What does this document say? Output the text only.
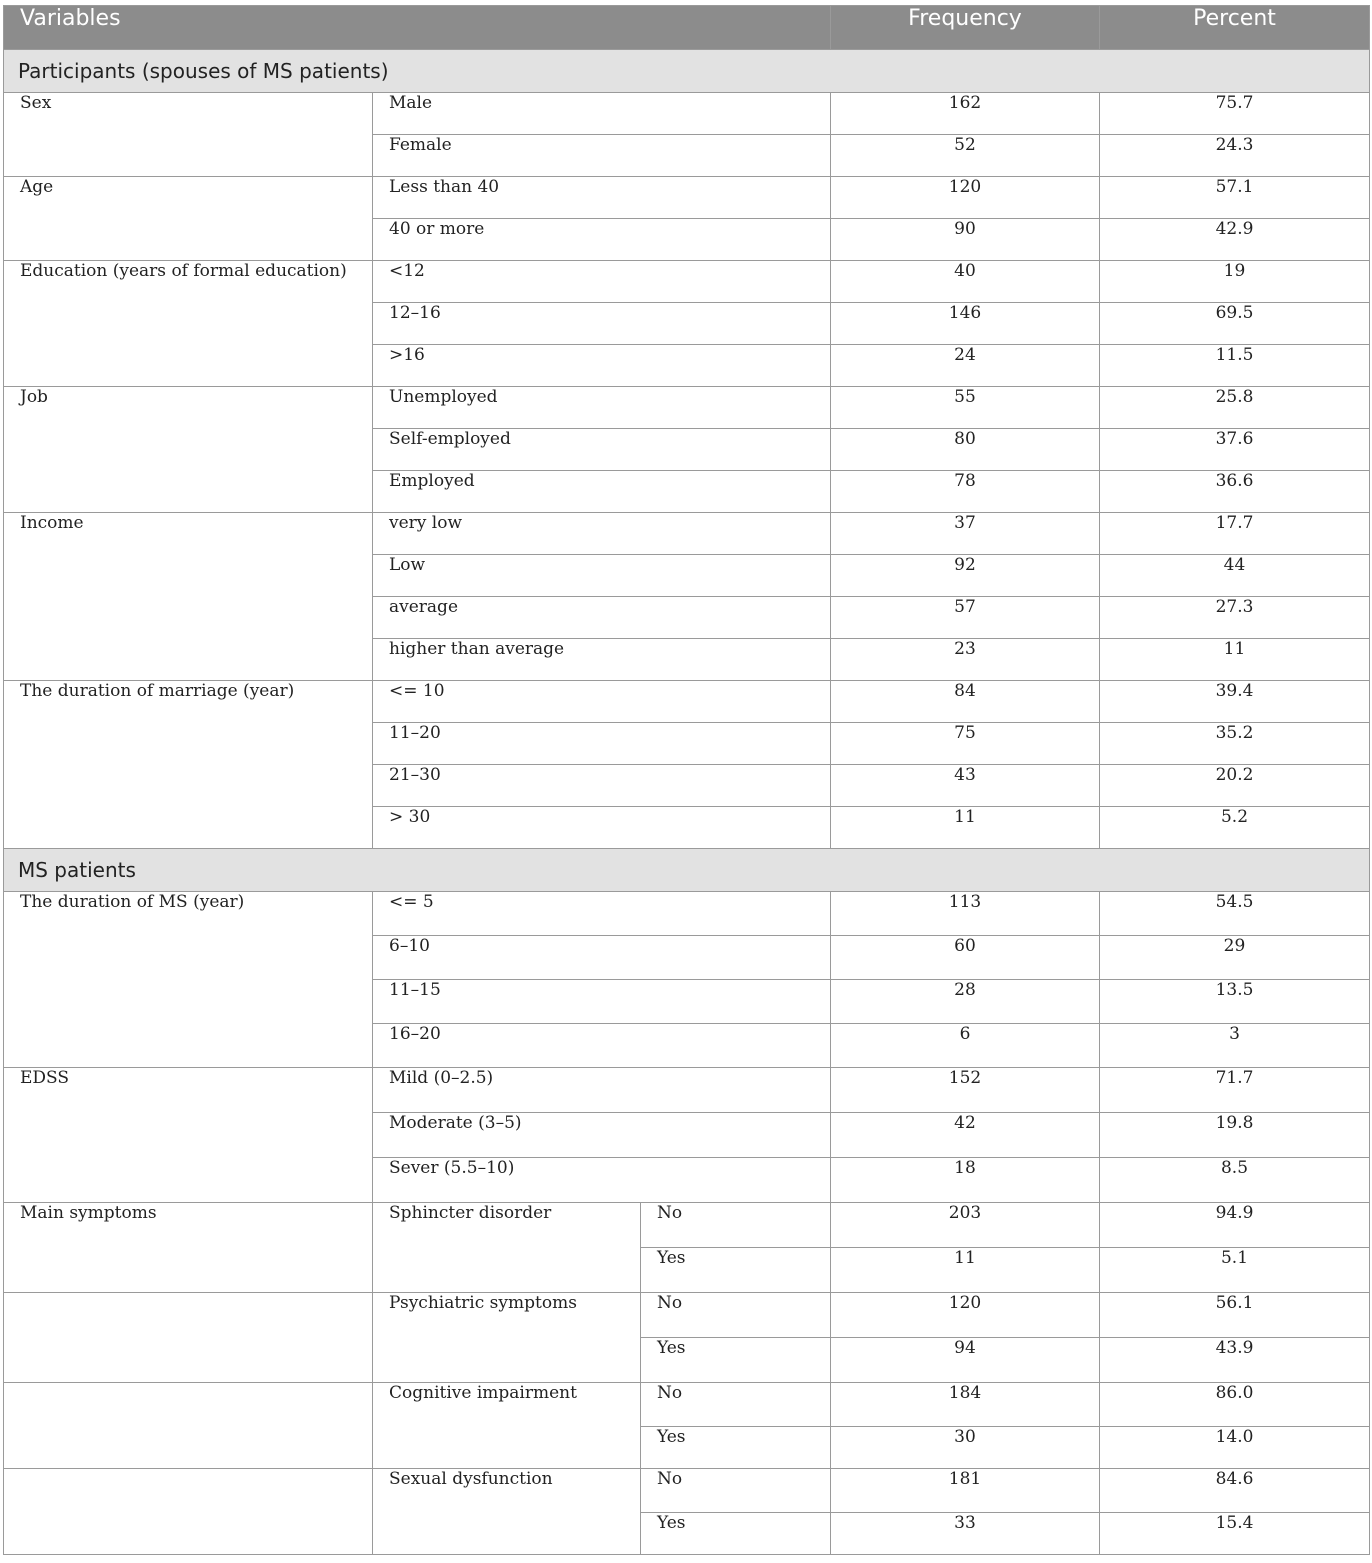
Variables			Frequency	Percent
Participants (spouses of MS patients)				
Sex	Male		162	75.7
	Female		52	24.3
Age	Less than 40		120	57.1
	40 or more		90	42.9
Education (years of formal education)	<12		40	19
	12–16		146	69.5
	>16		24	11.5
Job	Unemployed		55	25.8
	Self-employed		80	37.6
	Employed		78	36.6
Income	very low		37	17.7
	Low		92	44
	average		57	27.3
	higher than average		23	11
The duration of marriage (year)	<= 10		84	39.4
	11–20		75	35.2
	21–30		43	20.2
	> 30		11	5.2
MS patients				
The duration of MS (year)	<= 5		113	54.5
	6–10		60	29
	11–15		28	13.5
	16–20		6	3
EDSS	Mild (0–2.5)		152	71.7
	Moderate (3–5)		42	19.8
	Sever (5.5–10)		18	8.5
Main symptoms	Sphincter disorder	No	203	94.9
		Yes	11	5.1
	Psychiatric symptoms	No	120	56.1
		Yes	94	43.9
	Cognitive impairment	No	184	86.0
		Yes	30	14.0
	Sexual dysfunction	No	181	84.6
		Yes	33	15.4
